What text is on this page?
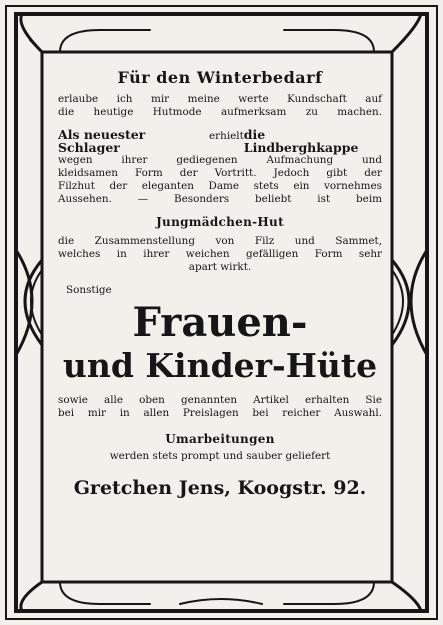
Für den Winterbedarf
erlaube ich mir meine werte Kundschaft auf
die heutige Hutmode aufmerksam zu machen.
Als neuester Schlager
erhielt die Lindberghkappe
wegen ihrer gediegenen Aufmachung und
kleidsamen Form der Vortritt. Jedoch gibt der
Filzhut der eleganten Dame stets ein vornehmes
Aussehen. — Besonders beliebt ist beim
Jungmädchen-Hut
die Zusammenstellung von Filz und Sammet,
welches in ihrer weichen gefälligen Form sehr
apart wirkt.
Sonstige
Frauen-
und Kinder-Hüte
sowie alle oben genannten Artikel erhalten Sie
bei mir in allen Preislagen bei reicher Auswahl.
Umarbeitungen
werden stets prompt und sauber geliefert
Gretchen Jens, Koogstr. 92.
